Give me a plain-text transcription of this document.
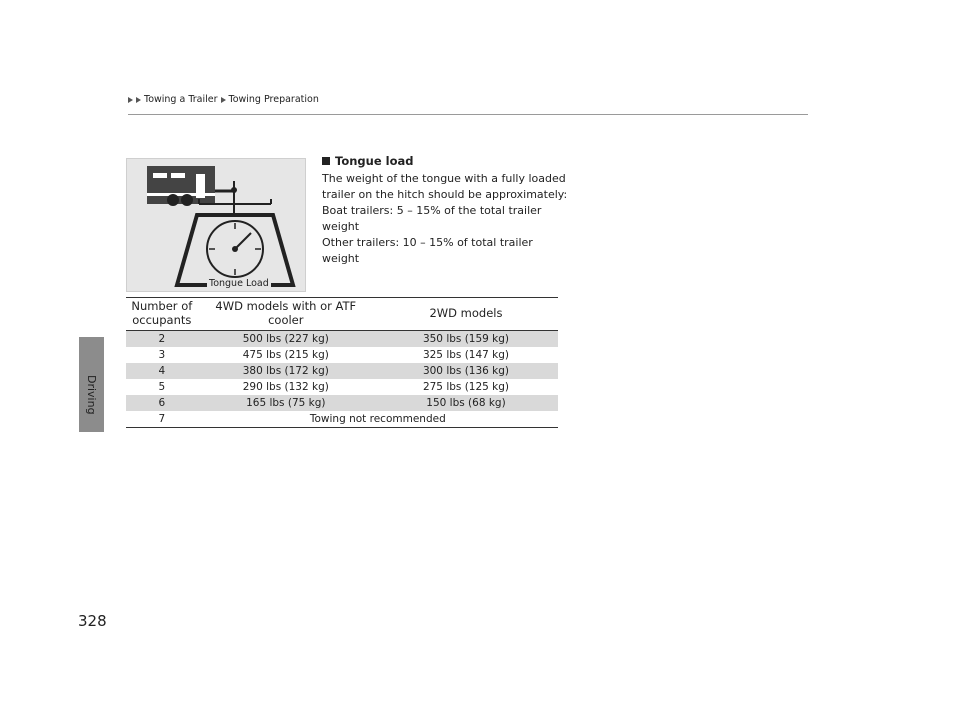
Towing a Trailer Towing Preparation
Driving
328
Tongue Load
Tongue load

The weight of the tongue with a fully loaded trailer on the hitch should be approximately:

Boat trailers: 5 – 15% of the total trailer weight

Other trailers: 10 – 15% of total trailer weight

Number of occupants	4WD models with or ATF cooler	2WD models
2	500 lbs (227 kg)	350 lbs (159 kg)
3	475 lbs (215 kg)	325 lbs (147 kg)
4	380 lbs (172 kg)	300 lbs (136 kg)
5	290 lbs (132 kg)	275 lbs (125 kg)
6	165 lbs (75 kg)	150 lbs (68 kg)
7	Towing not recommended	
